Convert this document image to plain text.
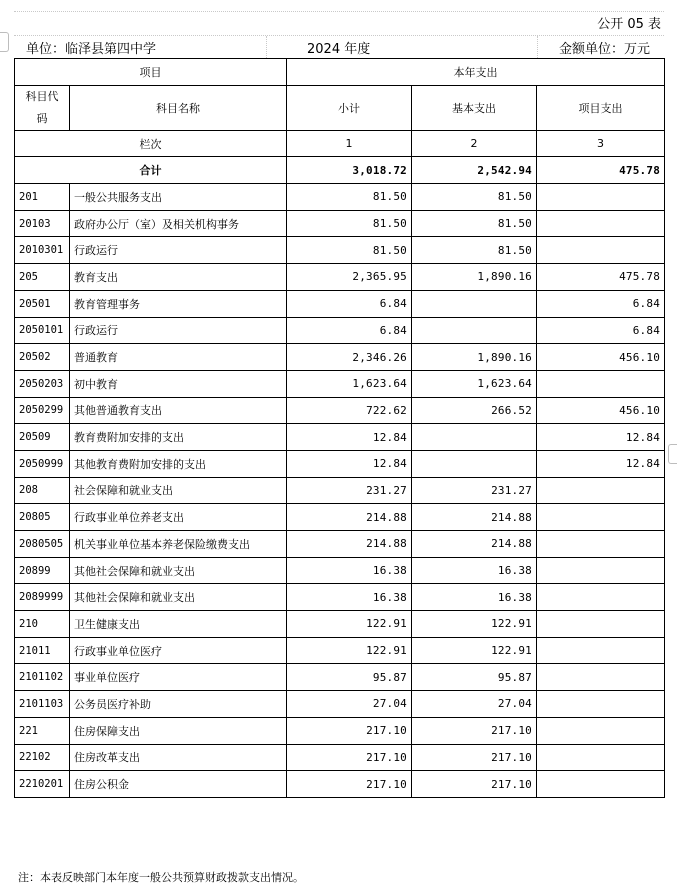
公开 05 表
单位：临泽县第四中学	2024 年度	金额单位：万元
项目		本年支出		
科目代码	科目名称	小计	基本支出	项目支出
栏次		1	2	3
合计		3,018.72	2,542.94	475.78
201	一般公共服务支出	81.50	81.50	
20103	政府办公厅（室）及相关机构事务	81.50	81.50	
2010301	行政运行	81.50	81.50	
205	教育支出	2,365.95	1,890.16	475.78
20501	教育管理事务	6.84		6.84
2050101	行政运行	6.84		6.84
20502	普通教育	2,346.26	1,890.16	456.10
2050203	初中教育	1,623.64	1,623.64	
2050299	其他普通教育支出	722.62	266.52	456.10
20509	教育费附加安排的支出	12.84		12.84
2050999	其他教育费附加安排的支出	12.84		12.84
208	社会保障和就业支出	231.27	231.27	
20805	行政事业单位养老支出	214.88	214.88	
2080505	机关事业单位基本养老保险缴费支出	214.88	214.88	
20899	其他社会保障和就业支出	16.38	16.38	
2089999	其他社会保障和就业支出	16.38	16.38	
210	卫生健康支出	122.91	122.91	
21011	行政事业单位医疗	122.91	122.91	
2101102	事业单位医疗	95.87	95.87	
2101103	公务员医疗补助	27.04	27.04	
221	住房保障支出	217.10	217.10	
22102	住房改革支出	217.10	217.10	
2210201	住房公积金	217.10	217.10	
注：本表反映部门本年度一般公共预算财政拨款支出情况。
